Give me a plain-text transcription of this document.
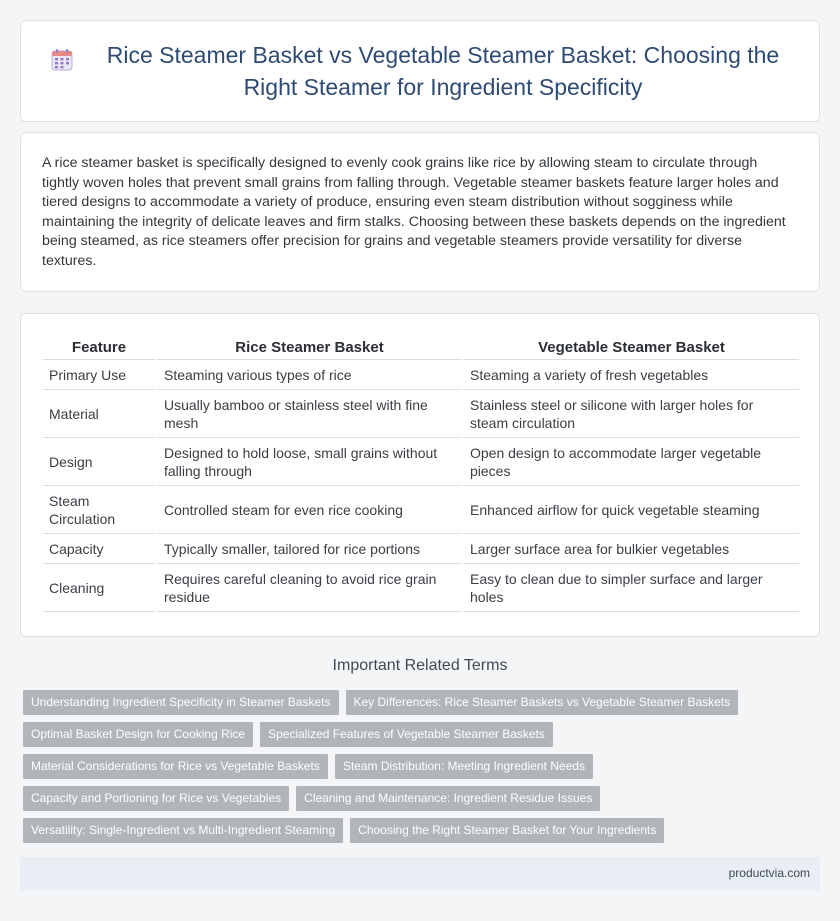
Rice Steamer Basket vs Vegetable Steamer Basket: Choosing the Right Steamer for Ingredient Specificity

A rice steamer basket is specifically designed to evenly cook grains like rice by allowing steam to circulate through tightly woven holes that prevent small grains from falling through. Vegetable steamer baskets feature larger holes and tiered designs to accommodate a variety of produce, ensuring even steam distribution without sogginess while maintaining the integrity of delicate leaves and firm stalks. Choosing between these baskets depends on the ingredient being steamed, as rice steamers offer precision for grains and vegetable steamers provide versatility for diverse textures.

Feature	Rice Steamer Basket	Vegetable Steamer Basket
Primary Use	Steaming various types of rice	Steaming a variety of fresh vegetables
Material	Usually bamboo or stainless steel with fine mesh	Stainless steel or silicone with larger holes for steam circulation
Design	Designed to hold loose, small grains without falling through	Open design to accommodate larger vegetable pieces
Steam Circulation	Controlled steam for even rice cooking	Enhanced airflow for quick vegetable steaming
Capacity	Typically smaller, tailored for rice portions	Larger surface area for bulkier vegetables
Cleaning	Requires careful cleaning to avoid rice grain residue	Easy to clean due to simpler surface and larger holes
Important Related Terms
Understanding Ingredient Specificity in Steamer Baskets	Key Differences: Rice Steamer Baskets vs Vegetable Steamer Baskets
Optimal Basket Design for Cooking Rice	Specialized Features of Vegetable Steamer Baskets
Material Considerations for Rice vs Vegetable Baskets	Steam Distribution: Meeting Ingredient Needs
Capacity and Portioning for Rice vs Vegetables	Cleaning and Maintenance: Ingredient Residue Issues
Versatility: Single-Ingredient vs Multi-Ingredient Steaming	Choosing the Right Steamer Basket for Your Ingredients
productvia.com
